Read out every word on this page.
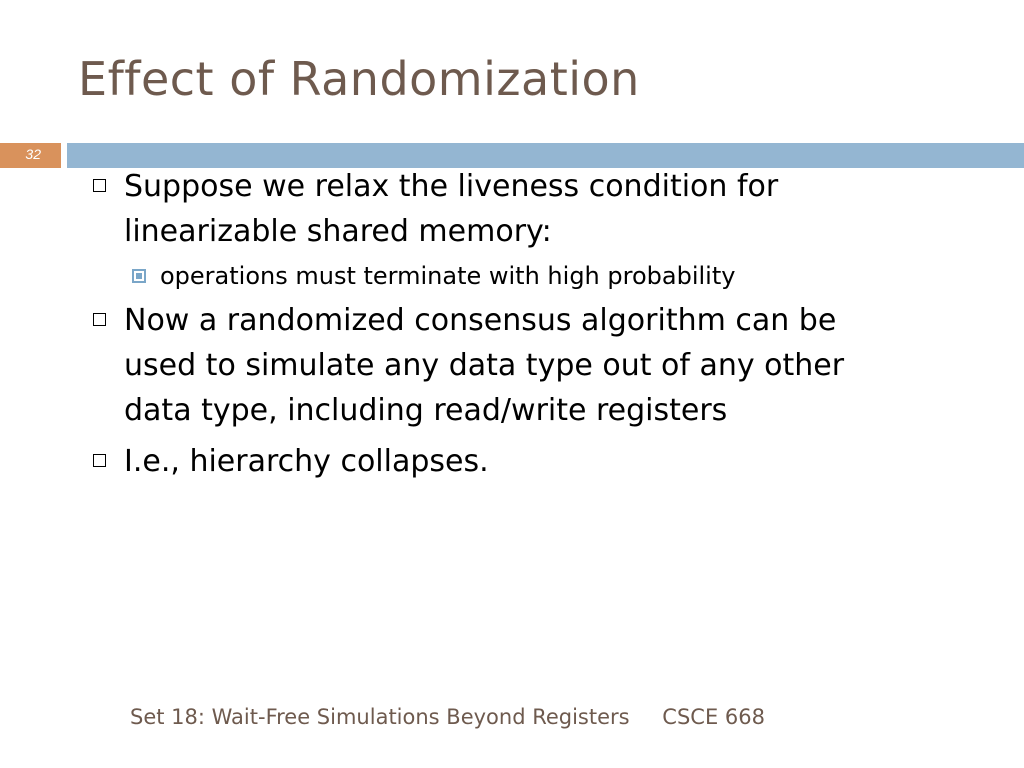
Effect of Randomization
32
Suppose we relax the liveness condition for
linearizable shared memory:
operations must terminate with high probability
Now a randomized consensus algorithm can be
used to simulate any data type out of any other
data type, including read/write registers
I.e., hierarchy collapses.
Set 18: Wait-Free Simulations Beyond Registers CSCE 668
